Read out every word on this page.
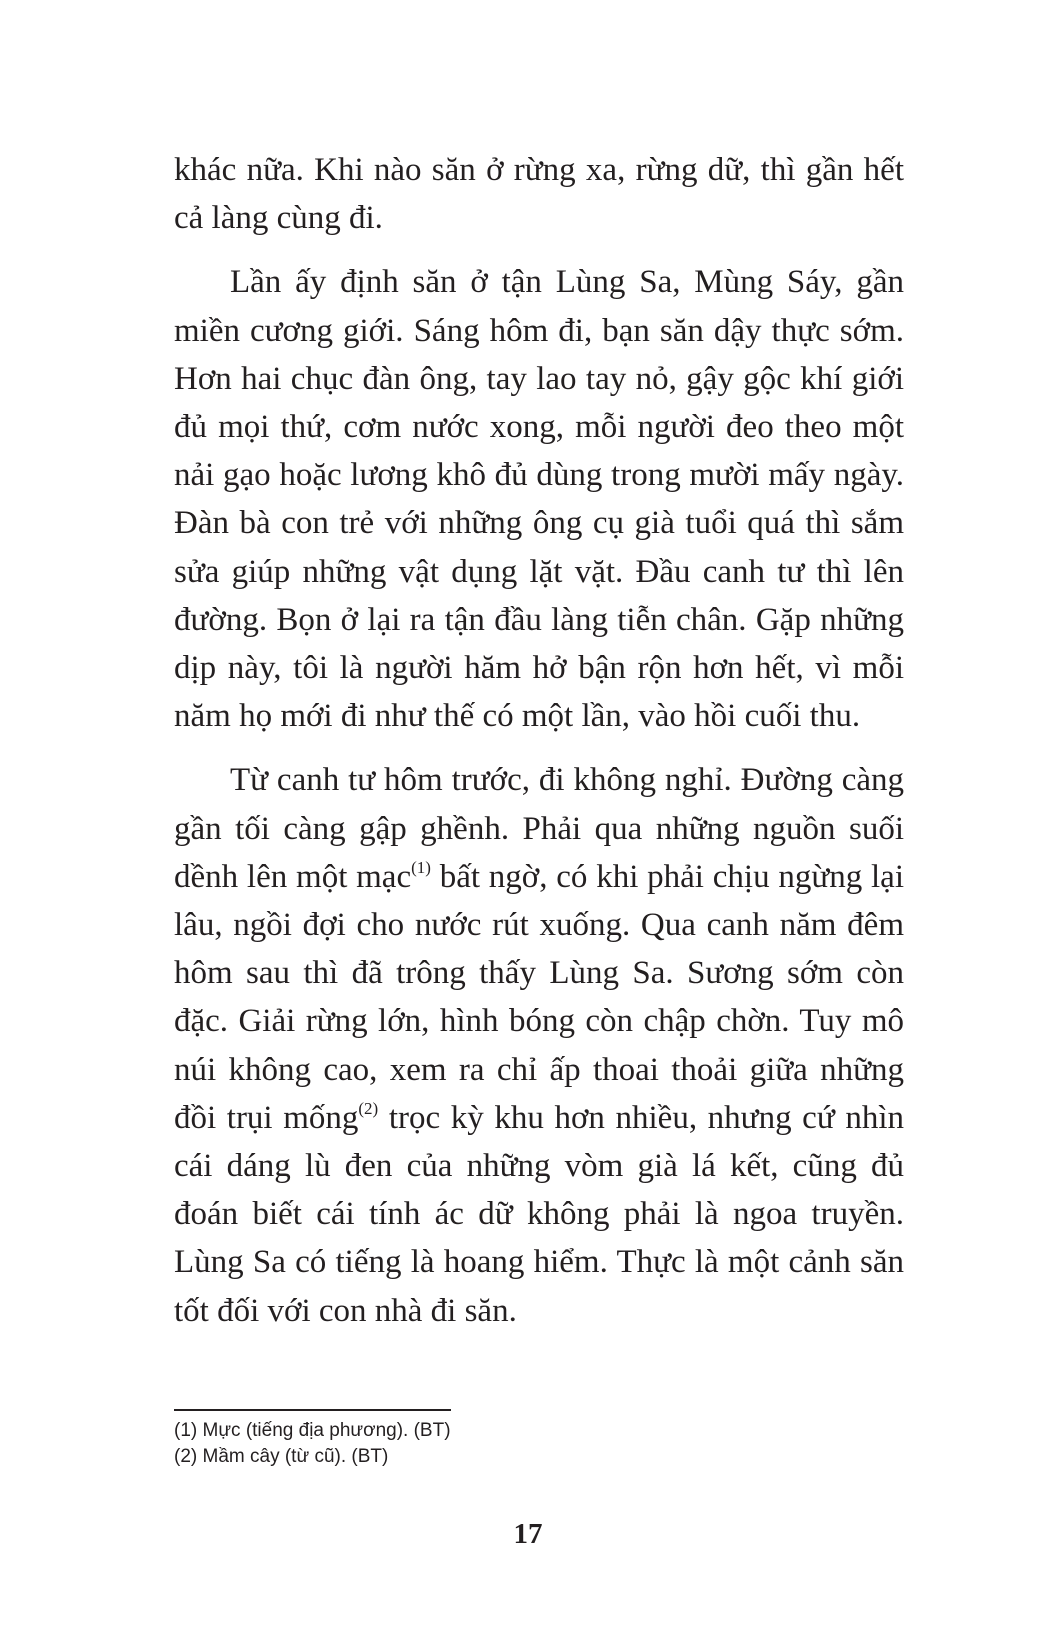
khác nữa. Khi nào săn ở rừng xa, rừng dữ, thì gần hết cả làng cùng đi.

Lần ấy định săn ở tận Lùng Sa, Mùng Sáy, gần miền cương giới. Sáng hôm đi, bạn săn dậy thực sớm. Hơn hai chục đàn ông, tay lao tay nỏ, gậy gộc khí giới đủ mọi thứ, cơm nước xong, mỗi người đeo theo một nải gạo hoặc lương khô đủ dùng trong mười mấy ngày. Đàn bà con trẻ với những ông cụ già tuổi quá thì sắm sửa giúp những vật dụng lặt vặt. Đầu canh tư thì lên đường. Bọn ở lại ra tận đầu làng tiễn chân. Gặp những dịp này, tôi là người hăm hở bận rộn hơn hết, vì mỗi năm họ mới đi như thế có một lần, vào hồi cuối thu.

Từ canh tư hôm trước, đi không nghỉ. Đường càng gần tối càng gập ghềnh. Phải qua những nguồn suối dềnh lên một mạc$^{(1)}$ bất ngờ, có khi phải chịu ngừng lại lâu, ngồi đợi cho nước rút xuống. Qua canh năm đêm hôm sau thì đã trông thấy Lùng Sa. Sương sớm còn đặc. Giải rừng lớn, hình bóng còn chập chờn. Tuy mô núi không cao, xem ra chỉ ấp thoai thoải giữa những đồi trụi mống$^{(2)}$ trọc kỳ khu hơn nhiều, nhưng cứ nhìn cái dáng lù đen của những vòm già lá kết, cũng đủ đoán biết cái tính ác dữ không phải là ngoa truyền. Lùng Sa có tiếng là hoang hiểm. Thực là một cảnh săn tốt đối với con nhà đi săn.

(1) Mực (tiếng địa phương). (BT)

(2) Mầm cây (từ cũ). (BT)

17
